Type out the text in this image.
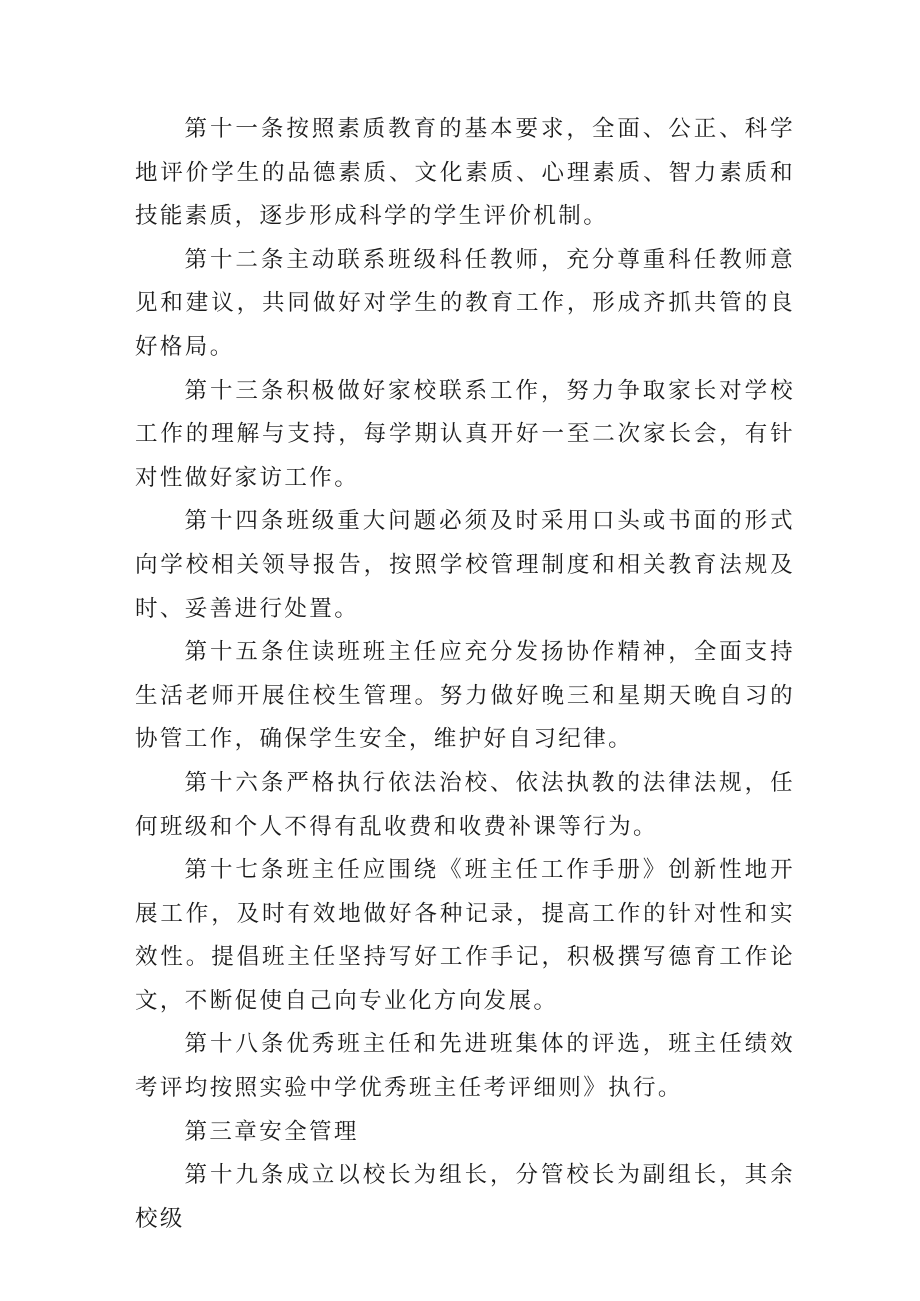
第十一条按照素质教育的基本要求，全面、公正、科学地评价学生的品德素质、文化素质、心理素质、智力素质和技能素质，逐步形成科学的学生评价机制。

第十二条主动联系班级科任教师，充分尊重科任教师意见和建议，共同做好对学生的教育工作，形成齐抓共管的良好格局。

第十三条积极做好家校联系工作，努力争取家长对学校工作的理解与支持，每学期认真开好一至二次家长会，有针对性做好家访工作。

第十四条班级重大问题必须及时采用口头或书面的形式向学校相关领导报告，按照学校管理制度和相关教育法规及时、妥善进行处置。

第十五条住读班班主任应充分发扬协作精神，全面支持生活老师开展住校生管理。努力做好晚三和星期天晚自习的协管工作，确保学生安全，维护好自习纪律。

第十六条严格执行依法治校、依法执教的法律法规，任何班级和个人不得有乱收费和收费补课等行为。

第十七条班主任应围绕《班主任工作手册》创新性地开展工作，及时有效地做好各种记录，提高工作的针对性和实效性。提倡班主任坚持写好工作手记，积极撰写德育工作论文，不断促使自己向专业化方向发展。

第十八条优秀班主任和先进班集体的评选，班主任绩效考评均按照实验中学优秀班主任考评细则》执行。

第三章安全管理

第十九条成立以校长为组长，分管校长为副组长，其余校级
